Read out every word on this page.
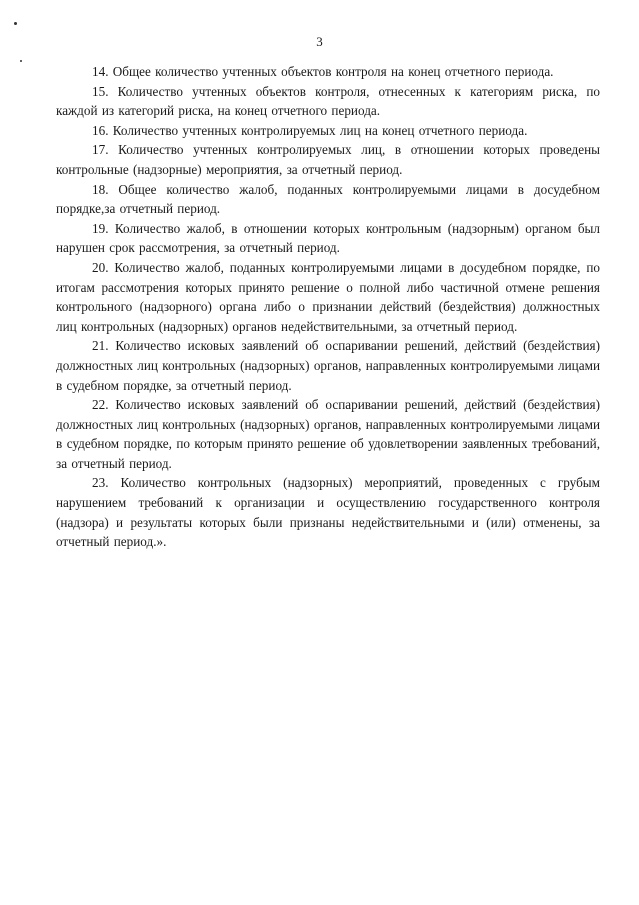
3

14. Общее количество учтенных объектов контроля на конец отчетного периода.

15. Количество учтенных объектов контроля, отнесенных к категориям риска, по каждой из категорий риска, на конец отчетного периода.

16. Количество учтенных контролируемых лиц на конец отчетного периода.

17. Количество учтенных контролируемых лиц, в отношении которых проведены контрольные (надзорные) мероприятия, за отчетный период.

18. Общее количество жалоб, поданных контролируемыми лицами в досудебном порядке,за отчетный период.

19. Количество жалоб, в отношении которых контрольным (надзорным) органом был нарушен срок рассмотрения, за отчетный период.

20. Количество жалоб, поданных контролируемыми лицами в досудебном порядке, по итогам рассмотрения которых принято решение о полной либо частичной отмене решения контрольного (надзорного) органа либо о признании действий (бездействия) должностных лиц контрольных (надзорных) органов недействительными, за отчетный период.

21. Количество исковых заявлений об оспаривании решений, действий (бездействия) должностных лиц контрольных (надзорных) органов, направленных контролируемыми лицами в судебном порядке, за отчетный период.

22. Количество исковых заявлений об оспаривании решений, действий (бездействия) должностных лиц контрольных (надзорных) органов, направленных контролируемыми лицами в судебном порядке, по которым принято решение об удовлетворении заявленных требований, за отчетный период.

23. Количество контрольных (надзорных) мероприятий, проведенных с грубым нарушением требований к организации и осуществлению государственного контроля (надзора) и результаты которых были признаны недействительными и (или) отменены, за отчетный период.».
